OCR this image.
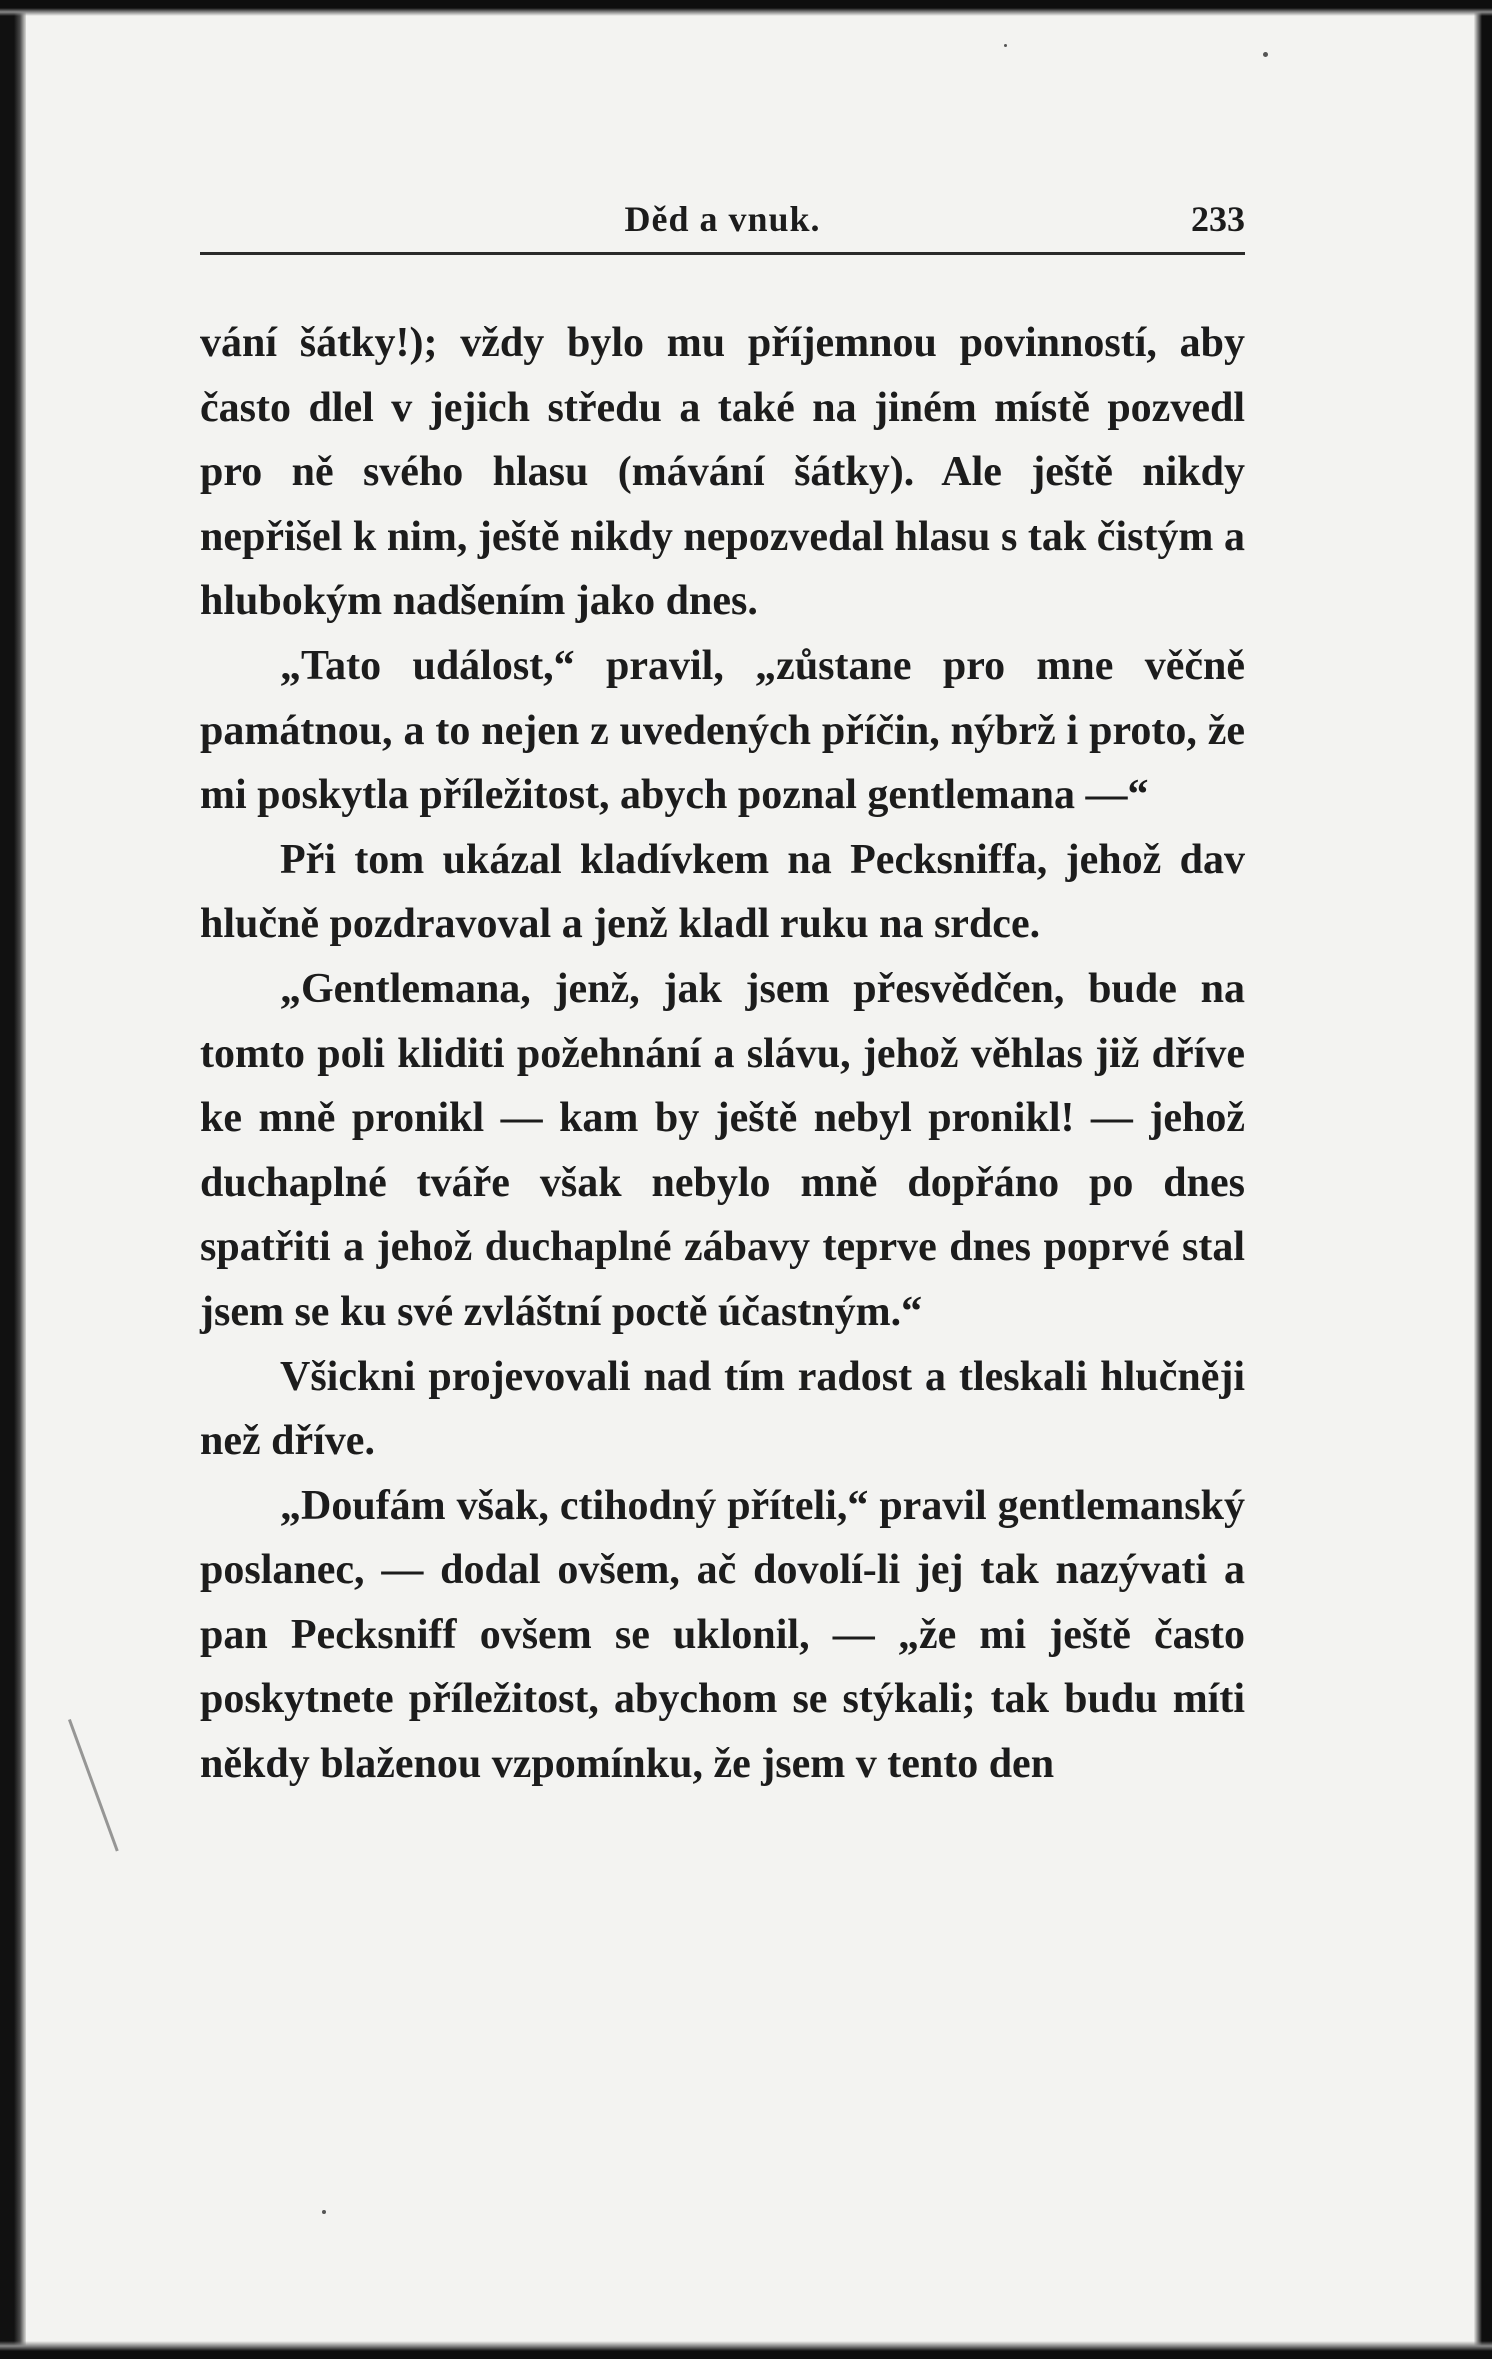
Děd a vnuk.	233

vání šátky!); vždy bylo mu příjemnou povinností, aby často dlel v jejich středu a také na jiném místě pozvedl pro ně svého hlasu (mávání šátky). Ale ještě nikdy nepřišel k nim, ještě nikdy nepozvedal hlasu s tak čistým a hlubokým nadšením jako dnes.

„Tato událost,“ pravil, „zůstane pro mne věčně památnou, a to nejen z uvedených příčin, nýbrž i proto, že mi poskytla příležitost, abych poznal gentlemana —“

Při tom ukázal kladívkem na Pecksniffa, jehož dav hlučně pozdravoval a jenž kladl ruku na srdce.

„Gentlemana, jenž, jak jsem přesvědčen, bude na tomto poli kliditi požehnání a slávu, jehož věhlas již dříve ke mně pronikl — kam by ještě nebyl pronikl! — jehož duchaplné tváře však nebylo mně dopřáno po dnes spatřiti a jehož duchaplné zábavy teprve dnes poprvé stal jsem se ku své zvláštní poctě účastným.“

Všickni projevovali nad tím radost a tleskali hlučněji než dříve.

„Doufám však, ctihodný příteli,“ pravil gentlemanský poslanec, — dodal ovšem, ač dovolí-li jej tak nazývati a pan Pecksniff ovšem se uklonil, — „že mi ještě často poskytnete příležitost, abychom se stýkali; tak budu míti někdy blaženou vzpomínku, že jsem v tento den
